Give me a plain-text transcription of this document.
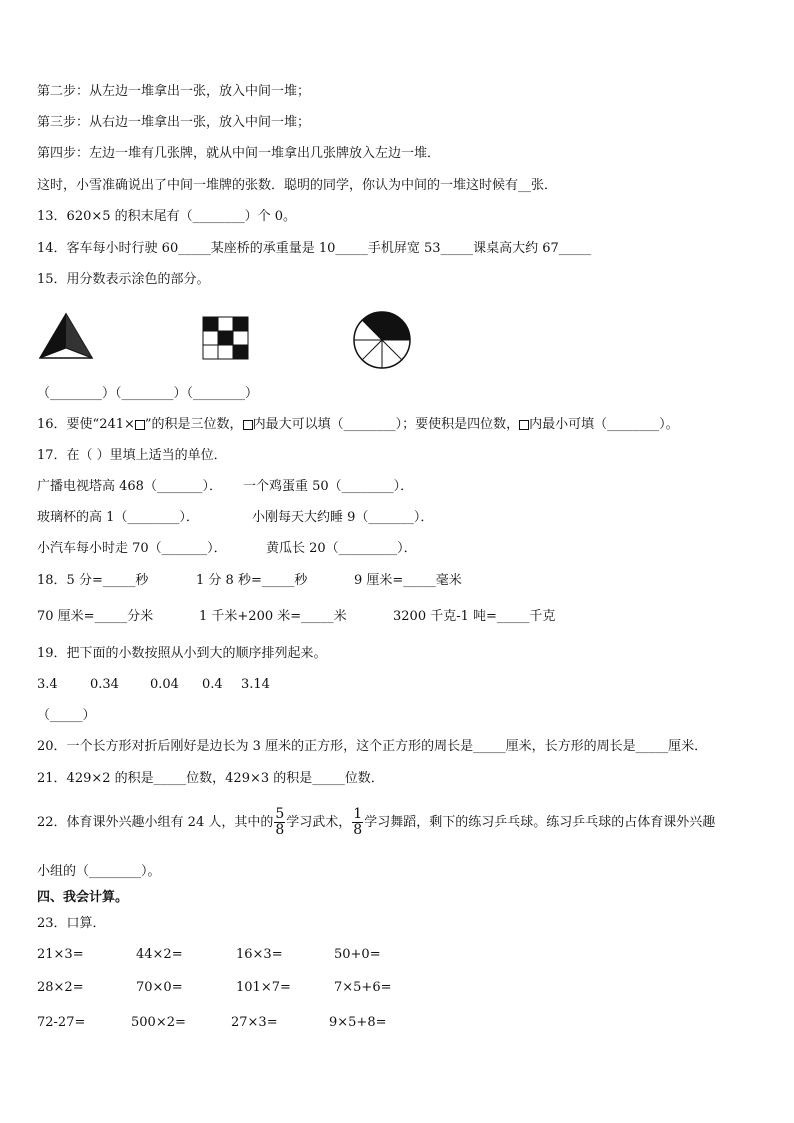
第二步：从左边一堆拿出一张，放入中间一堆；
第三步：从右边一堆拿出一张，放入中间一堆；
第四步：左边一堆有几张牌，就从中间一堆拿出几张牌放入左边一堆．
这时，小雪准确说出了中间一堆牌的张数．聪明的同学，你认为中间的一堆这时候有__张．
13．620×5 的积末尾有（________）个 0。
14．客车每小时行驶 60_____某座桥的承重量是 10_____手机屏宽 53_____课桌高大约 67_____
15．用分数表示涂色的部分。
（________）（________）（________）
16．要使“241× ”的积是三位数， 内最大可以填（________）；要使积是四位数， 内最小可填（________）。
17．在（ ）里填上适当的单位．
广播电视塔高 468（_______）． 一个鸡蛋重 50（________）．
玻璃杯的高 1（________）．	小刚每天大约睡 9（_______）．
小汽车每小时走 70（_______）．	黄瓜长 20（_________）．
18．5 分=_____秒	1 分 8 秒=_____秒	9 厘米=_____毫米
70 厘米=_____分米	1 千米+200 米=_____米	3200 千克-1 吨=_____千克
19．把下面的小数按照从小到大的顺序排列起来。
3.4 0.34 0.04 0.4 3.14
（_____）
20．一个长方形对折后刚好是边长为 3 厘米的正方形，这个正方形的周长是_____厘米，长方形的周长是_____厘米．
21．429×2 的积是_____位数，429×3 的积是_____位数．
22．体育课外兴趣小组有 24 人，其中的 $\frac{5}{8}$ 学习武术， $\frac{1}{8}$ 学习舞蹈，剩下的练习乒乓球。练习乒乓球的占体育课外兴趣
小组的（________）。
四、我会计算。
23．口算．
21×3=	44×2=	16×3=	50+0=
28×2=	70×0=	101×7=	7×5+6=
72-27=	500×2=	27×3=	9×5+8=
